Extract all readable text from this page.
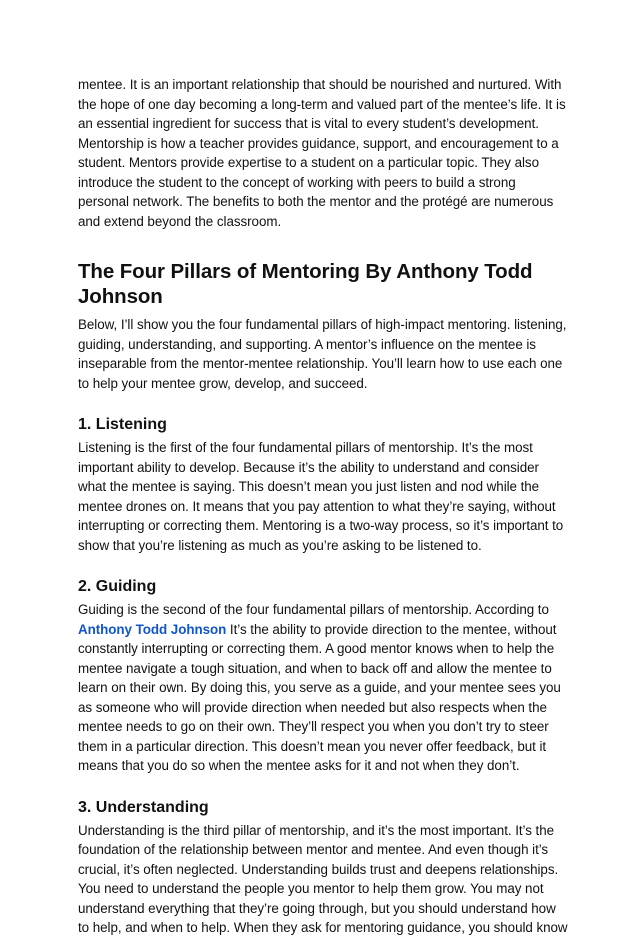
mentee. It is an important relationship that should be nourished and nurtured. With the hope of one day becoming a long-term and valued part of the mentee’s life. It is an essential ingredient for success that is vital to every student’s development. Mentorship is how a teacher provides guidance, support, and encouragement to a student. Mentors provide expertise to a student on a particular topic. They also introduce the student to the concept of working with peers to build a strong personal network. The benefits to both the mentor and the protégé are numerous and extend beyond the classroom.

The Four Pillars of Mentoring By Anthony Todd Johnson

Below, I’ll show you the four fundamental pillars of high-impact mentoring. listening, guiding, understanding, and supporting. A mentor’s influence on the mentee is inseparable from the mentor-mentee relationship. You’ll learn how to use each one to help your mentee grow, develop, and succeed.

1. Listening

Listening is the first of the four fundamental pillars of mentorship. It’s the most important ability to develop. Because it’s the ability to understand and consider what the mentee is saying. This doesn’t mean you just listen and nod while the mentee drones on. It means that you pay attention to what they’re saying, without interrupting or correcting them. Mentoring is a two-way process, so it’s important to show that you’re listening as much as you’re asking to be listened to.

2. Guiding

Guiding is the second of the four fundamental pillars of mentorship. According to Anthony Todd Johnson It’s the ability to provide direction to the mentee, without constantly interrupting or correcting them. A good mentor knows when to help the mentee navigate a tough situation, and when to back off and allow the mentee to learn on their own. By doing this, you serve as a guide, and your mentee sees you as someone who will provide direction when needed but also respects when the mentee needs to go on their own. They’ll respect you when you don’t try to steer them in a particular direction. This doesn’t mean you never offer feedback, but it means that you do so when the mentee asks for it and not when they don’t.

3. Understanding

Understanding is the third pillar of mentorship, and it’s the most important. It’s the foundation of the relationship between mentor and mentee. And even though it’s crucial, it’s often neglected. Understanding builds trust and deepens relationships. You need to understand the people you mentor to help them grow. You may not understand everything that they’re going through, but you should understand how to help, and when to help. When they ask for mentoring guidance, you should know
